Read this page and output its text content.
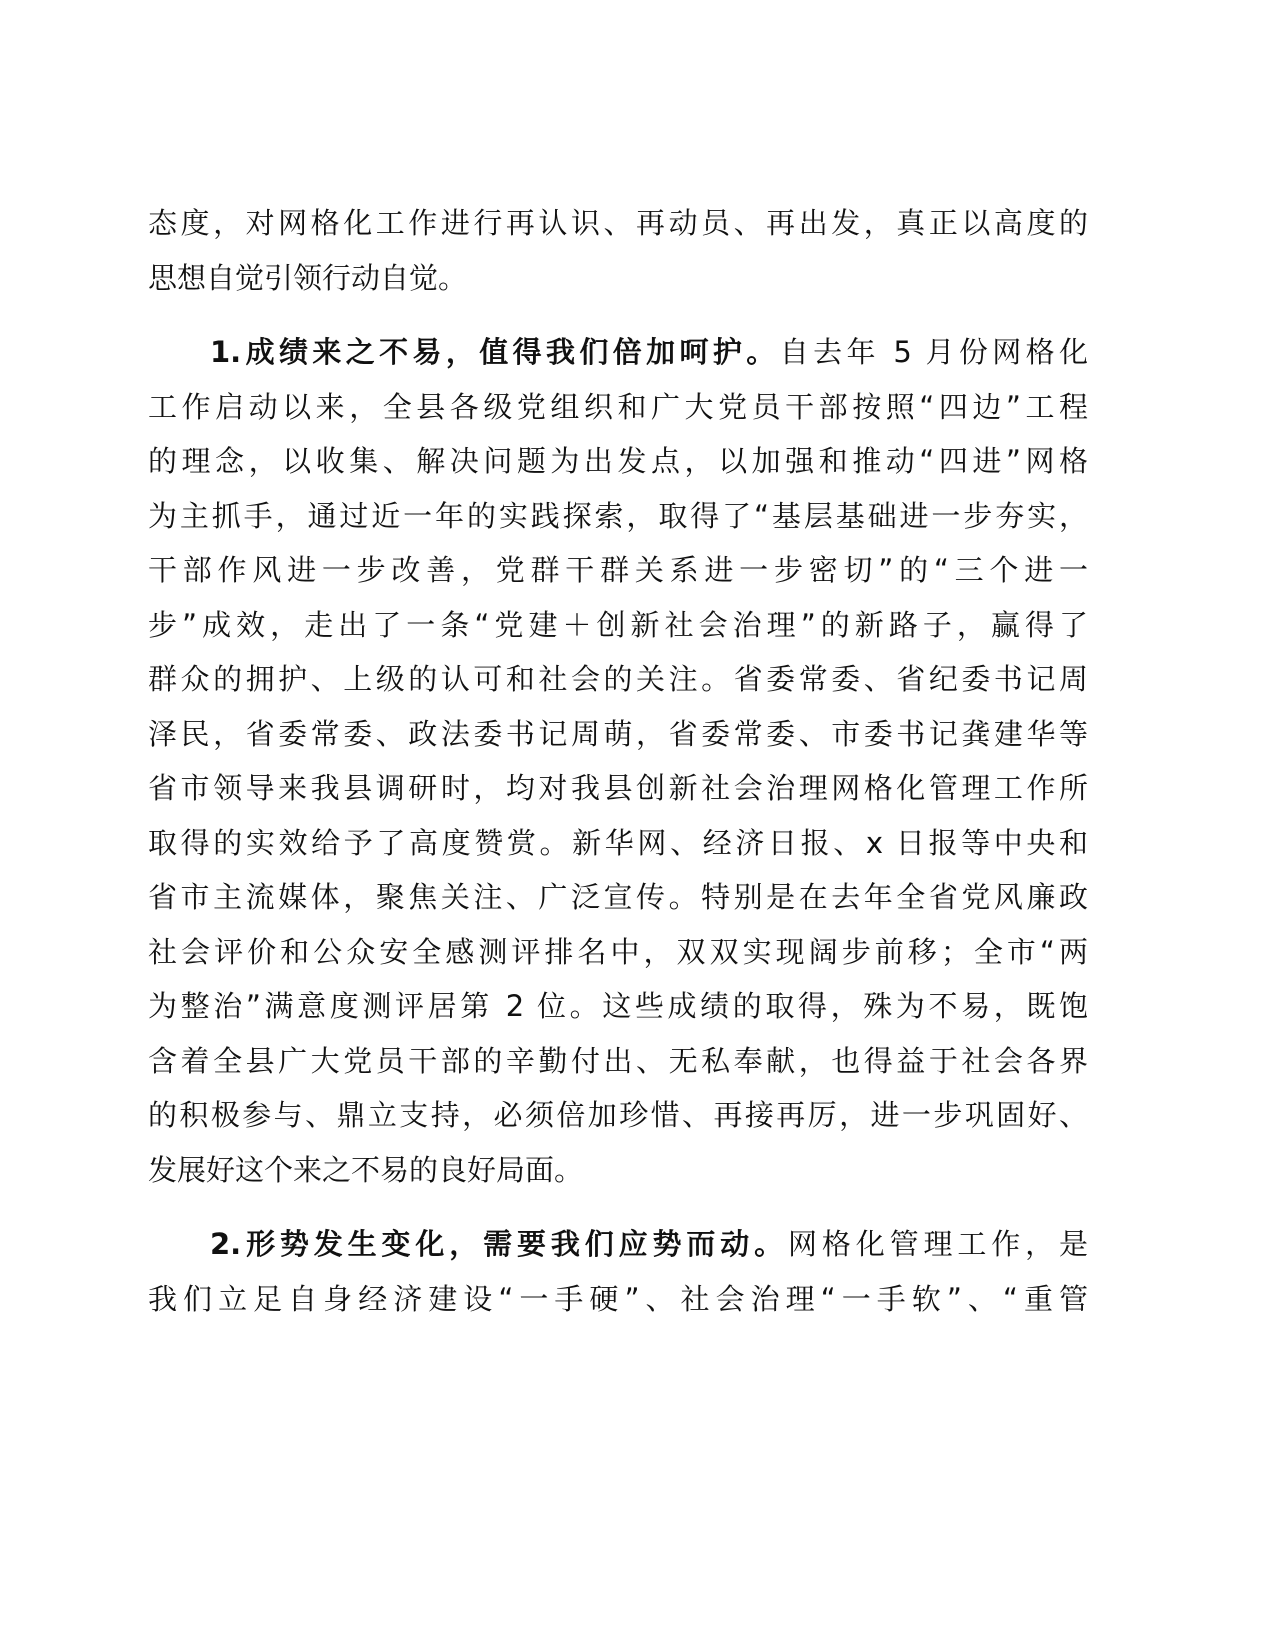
态度，对网格化工作进行再认识、再动员、再出发，真正以高度的
思想自觉引领行动自觉。
1.成绩来之不易，值得我们倍加呵护。自去年 5 月份网格化
工作启动以来，全县各级党组织和广大党员干部按照“四边”工程
的理念，以收集、解决问题为出发点，以加强和推动“四进”网格
为主抓手，通过近一年的实践探索，取得了“基层基础进一步夯实，
干部作风进一步改善，党群干群关系进一步密切”的“三个进一
步”成效，走出了一条“党建＋创新社会治理”的新路子，赢得了
群众的拥护、上级的认可和社会的关注。省委常委、省纪委书记周
泽民，省委常委、政法委书记周萌，省委常委、市委书记龚建华等
省市领导来我县调研时，均对我县创新社会治理网格化管理工作所
取得的实效给予了高度赞赏。新华网、经济日报、x 日报等中央和
省市主流媒体，聚焦关注、广泛宣传。特别是在去年全省党风廉政
社会评价和公众安全感测评排名中，双双实现阔步前移；全市“两
为整治”满意度测评居第 2 位。这些成绩的取得，殊为不易，既饱
含着全县广大党员干部的辛勤付出、无私奉献，也得益于社会各界
的积极参与、鼎立支持，必须倍加珍惜、再接再厉，进一步巩固好、
发展好这个来之不易的良好局面。
2.形势发生变化，需要我们应势而动。网格化管理工作，是
我们立足自身经济建设“一手硬”、社会治理“一手软”、“重管
